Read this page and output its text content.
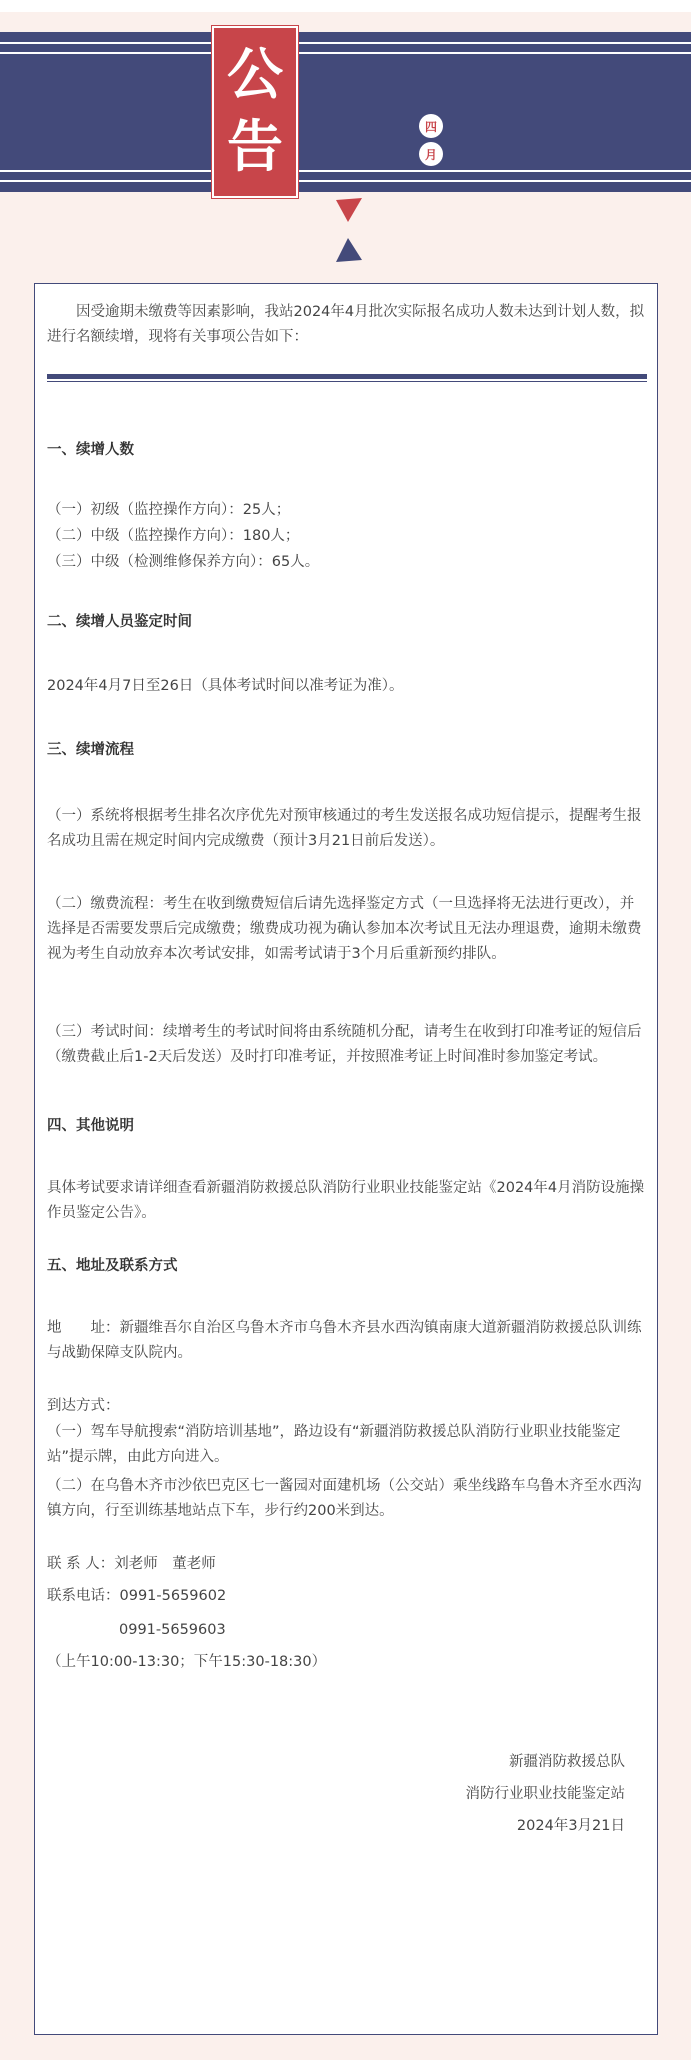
四
月
公
告

因受逾期未缴费等因素影响，我站2024年4月批次实际报名成功人数未达到计划人数，拟进行名额续增，现将有关事项公告如下：

一、续增人数

（一）初级（监控操作方向）：25人；

（二）中级（监控操作方向）：180人；

（三）中级（检测维修保养方向）：65人。

二、续增人员鉴定时间

2024年4月7日至26日（具体考试时间以准考证为准）。

三、续增流程

（一）系统将根据考生排名次序优先对预审核通过的考生发送报名成功短信提示，提醒考生报名成功且需在规定时间内完成缴费（预计3月21日前后发送）。

（二）缴费流程：考生在收到缴费短信后请先选择鉴定方式（一旦选择将无法进行更改），并选择是否需要发票后完成缴费；缴费成功视为确认参加本次考试且无法办理退费，逾期未缴费视为考生自动放弃本次考试安排，如需考试请于3个月后重新预约排队。

（三）考试时间：续增考生的考试时间将由系统随机分配，请考生在收到打印准考证的短信后（缴费截止后1-2天后发送）及时打印准考证，并按照准考证上时间准时参加鉴定考试。

四、其他说明

具体考试要求请详细查看新疆消防救援总队消防行业职业技能鉴定站《2024年4月消防设施操作员鉴定公告》。

五、地址及联系方式

地　　址：新疆维吾尔自治区乌鲁木齐市乌鲁木齐县水西沟镇南康大道新疆消防救援总队训练与战勤保障支队院内。

到达方式：

（一）驾车导航搜索“消防培训基地”，路边设有“新疆消防救援总队消防行业职业技能鉴定站”提示牌，由此方向进入。

（二）在乌鲁木齐市沙依巴克区七一酱园对面建机场（公交站）乘坐线路车乌鲁木齐至水西沟镇方向，行至训练基地站点下车，步行约200米到达。

联 系 人：刘老师　董老师

联系电话：0991-5659602

0991-5659603

（上午10:00-13:30；下午15:30-18:30）

新疆消防救援总队

消防行业职业技能鉴定站

2024年3月21日
